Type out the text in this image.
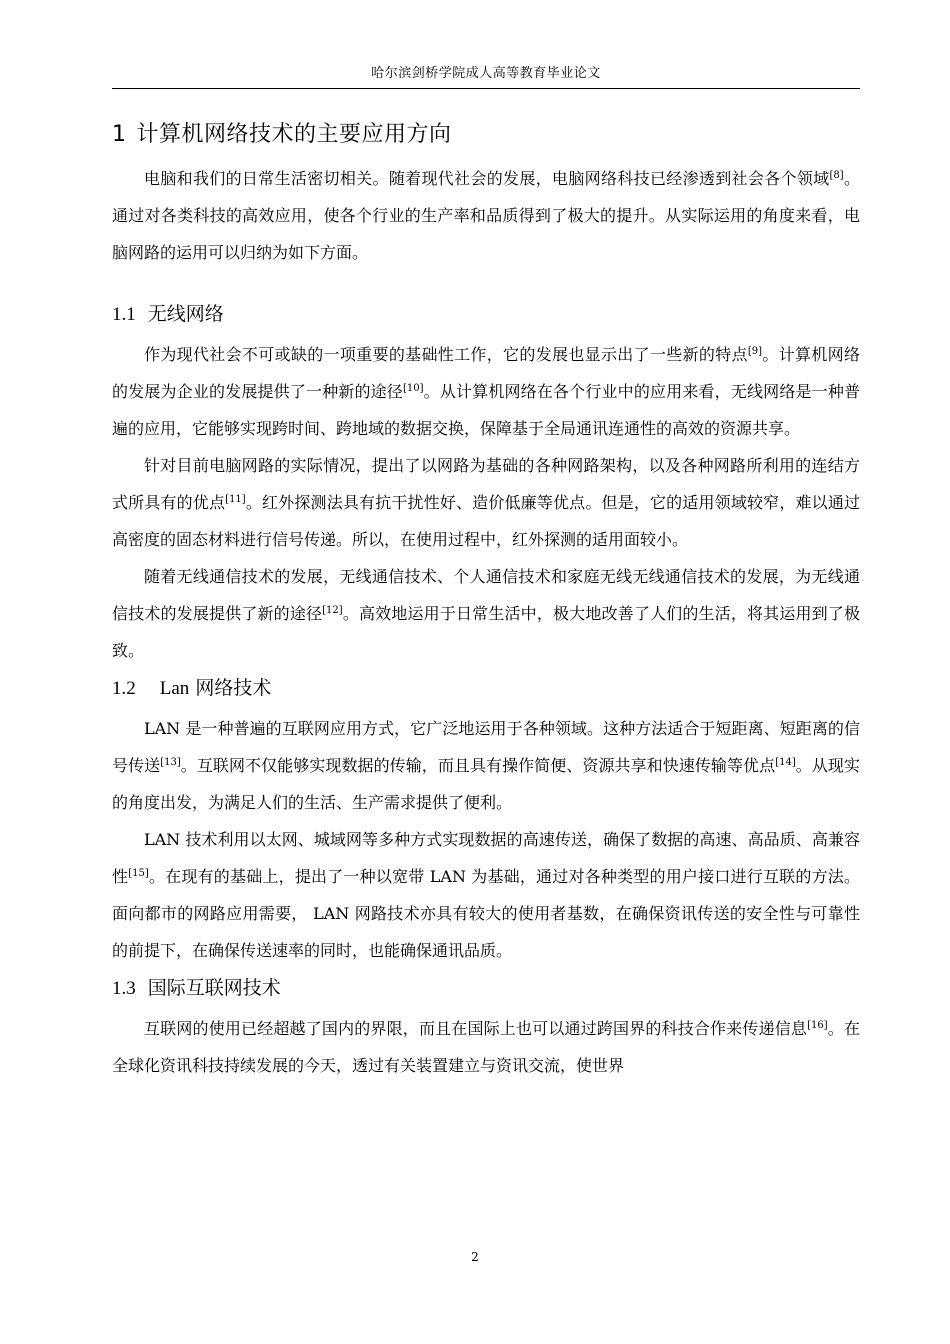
哈尔滨剑桥学院成人高等教育毕业论文
1 计算机网络技术的主要应用方向

电脑和我们的日常生活密切相关。随着现代社会的发展，电脑网络科技已经渗透到社会各个领域[8]。通过对各类科技的高效应用，使各个行业的生产率和品质得到了极大的提升。从实际运用的角度来看，电脑网路的运用可以归纳为如下方面。

1.1 无线网络

作为现代社会不可或缺的一项重要的基础性工作，它的发展也显示出了一些新的特点[9]。计算机网络的发展为企业的发展提供了一种新的途径[10]。从计算机网络在各个行业中的应用来看，无线网络是一种普遍的应用，它能够实现跨时间、跨地域的数据交换，保障基于全局通讯连通性的高效的资源共享。

针对目前电脑网路的实际情况，提出了以网路为基础的各种网路架构，以及各种网路所利用的连结方式所具有的优点[11]。红外探测法具有抗干扰性好、造价低廉等优点。但是，它的适用领域较窄，难以通过高密度的固态材料进行信号传递。所以，在使用过程中，红外探测的适用面较小。

随着无线通信技术的发展，无线通信技术、个人通信技术和家庭无线无线通信技术的发展，为无线通信技术的发展提供了新的途径[12]。高效地运用于日常生活中，极大地改善了人们的生活，将其运用到了极致。

1.2 Lan 网络技术

LAN 是一种普遍的互联网应用方式，它广泛地运用于各种领域。这种方法适合于短距离、短距离的信号传送[13]。互联网不仅能够实现数据的传输，而且具有操作简便、资源共享和快速传输等优点[14]。从现实的角度出发，为满足人们的生活、生产需求提供了便利。

LAN 技术利用以太网、城域网等多种方式实现数据的高速传送，确保了数据的高速、高品质、高兼容性[15]。在现有的基础上，提出了一种以宽带 LAN 为基础，通过对各种类型的用户接口进行互联的方法。面向都市的网路应用需要， LAN 网路技术亦具有较大的使用者基数，在确保资讯传送的安全性与可靠性的前提下，在确保传送速率的同时，也能确保通讯品质。

1.3 国际互联网技术

互联网的使用已经超越了国内的界限，而且在国际上也可以通过跨国界的科技合作来传递信息[16]。在全球化资讯科技持续发展的今天，透过有关装置建立与资讯交流，使世界

2
